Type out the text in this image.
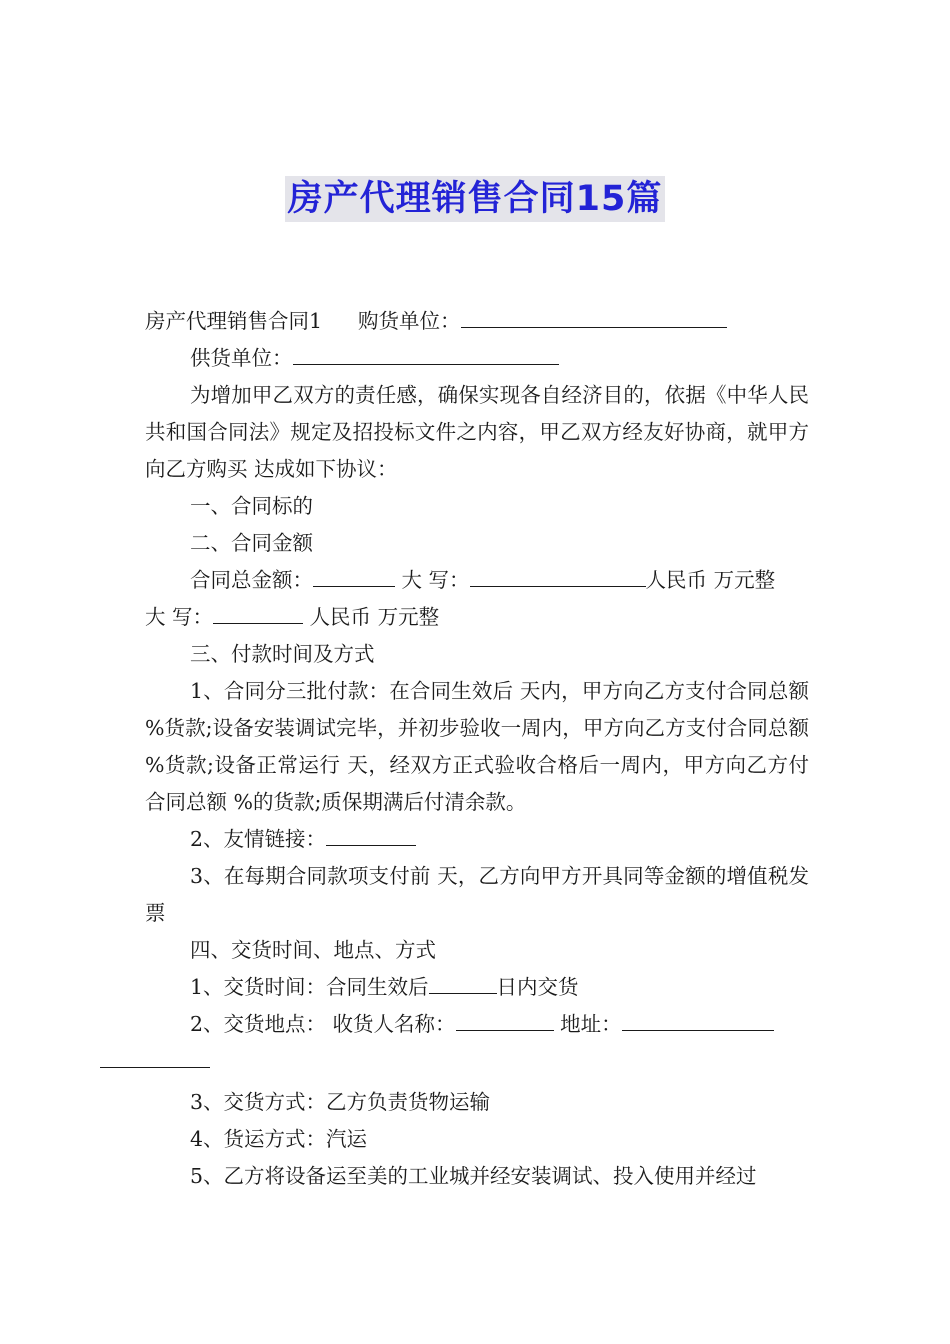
房产代理销售合同15篇

房产代理销售合同1 购货单位：

供货单位：

为增加甲乙双方的责任感，确保实现各自经济目的，依据《中华人民共和国合同法》规定及招投标文件之内容，甲乙双方经友好协商，就甲方向乙方购买 达成如下协议：

一、合同标的

二、合同金额

合同总金额：	大 写：	人民币 万元整

大 写：	人民币 万元整

三、付款时间及方式

1、合同分三批付款：在合同生效后 天内，甲方向乙方支付合同总额 %货款;设备安装调试完毕，并初步验收一周内，甲方向乙方支付合同总额 %货款;设备正常运行 天，经双方正式验收合格后一周内，甲方向乙方付合同总额 %的货款;质保期满后付清余款。

2、友情链接：

3、在每期合同款项支付前 天，乙方向甲方开具同等金额的增值税发票

四、交货时间、地点、方式

1、交货时间：合同生效后	日内交货

2、交货地点： 收货人名称：	地址：

3、交货方式：乙方负责货物运输

4、货运方式：汽运

5、乙方将设备运至美的工业城并经安装调试、投入使用并经过
